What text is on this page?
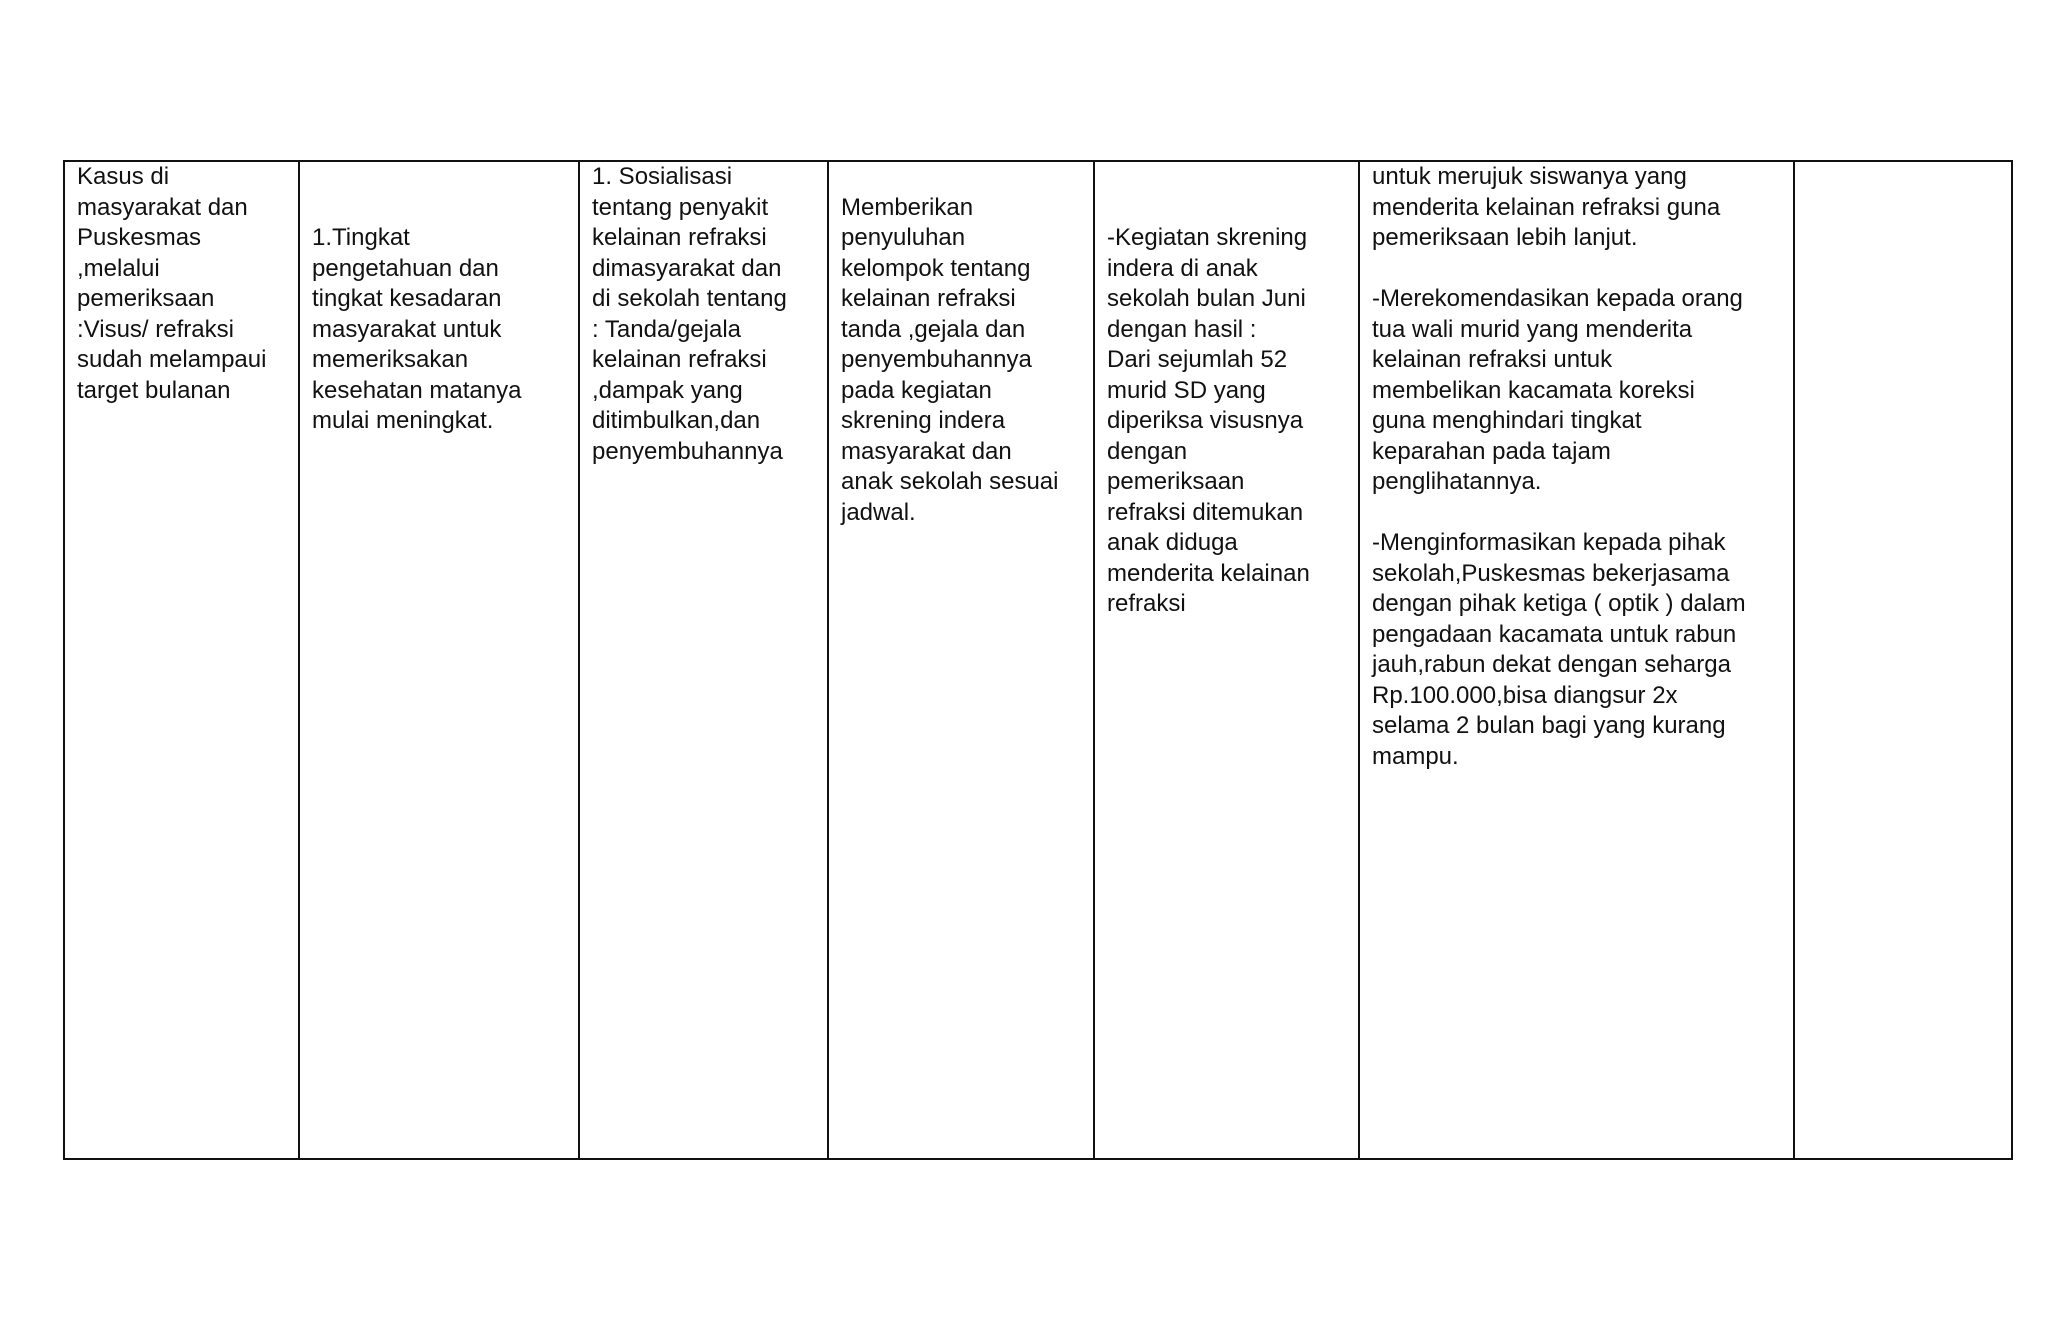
Kasus di
masyarakat dan
Puskesmas
,melalui
pemeriksaan
:Visus/ refraksi
sudah melampaui
target bulanan

1.Tingkat
pengetahuan dan
tingkat kesadaran
masyarakat untuk
memeriksakan
kesehatan matanya
mulai meningkat.

1. Sosialisasi
tentang penyakit
kelainan refraksi
dimasyarakat dan
di sekolah tentang
: Tanda/gejala
kelainan refraksi
,dampak yang
ditimbulkan,dan
penyembuhannya

Memberikan
penyuluhan
kelompok tentang
kelainan refraksi
tanda ,gejala dan
penyembuhannya
pada kegiatan
skrening indera
masyarakat dan
anak sekolah sesuai
jadwal.

-Kegiatan skrening
indera di anak
sekolah bulan Juni
dengan hasil :
Dari sejumlah 52
murid SD yang
diperiksa visusnya
dengan
pemeriksaan
refraksi ditemukan
anak diduga
menderita kelainan
refraksi

untuk merujuk siswanya yang
menderita kelainan refraksi guna
pemeriksaan lebih lanjut.
-Merekomendasikan kepada orang
tua wali murid yang menderita
kelainan refraksi untuk
membelikan kacamata koreksi
guna menghindari tingkat
keparahan pada tajam
penglihatannya.
-Menginformasikan kepada pihak
sekolah,Puskesmas bekerjasama
dengan pihak ketiga ( optik ) dalam
pengadaan kacamata untuk rabun
jauh,rabun dekat dengan seharga
Rp.100.000,bisa diangsur 2x
selama 2 bulan bagi yang kurang
mampu.
